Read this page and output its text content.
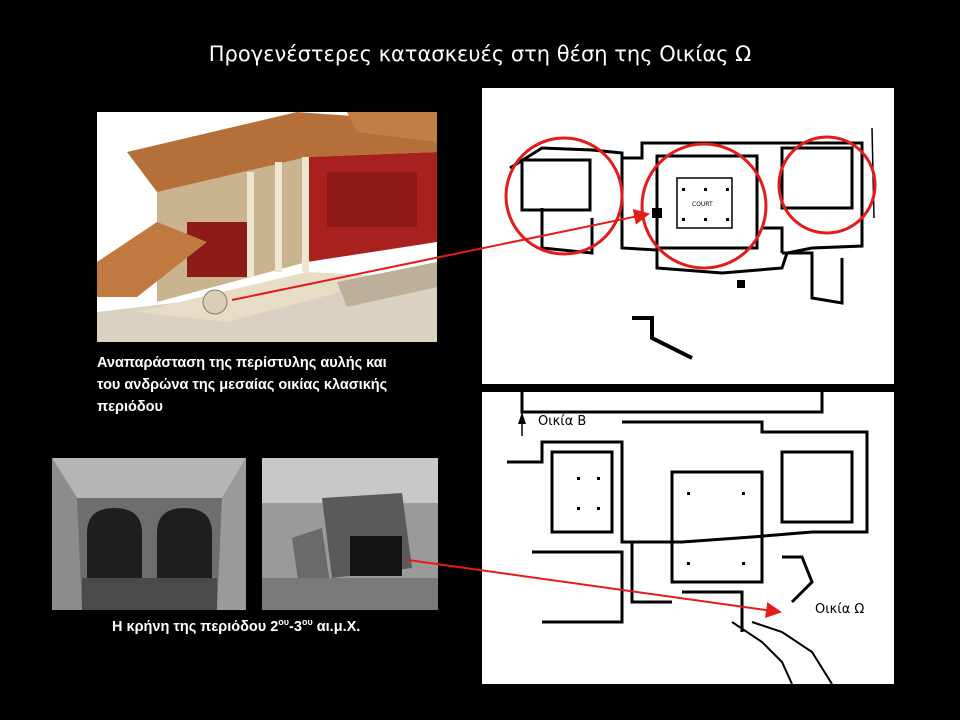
Προγενέστερες κατασκευές στη θέση της Οικίας Ω
Αναπαράσταση της περίστυλης αυλής και
του ανδρώνα της μεσαίας οικίας κλασικής
περιόδου
Η κρήνη της περιόδου $2^{o\upsilon}-3^{o\upsilon}$ αι.μ.Χ.
COURT
Οικία Β
Οικία Ω
